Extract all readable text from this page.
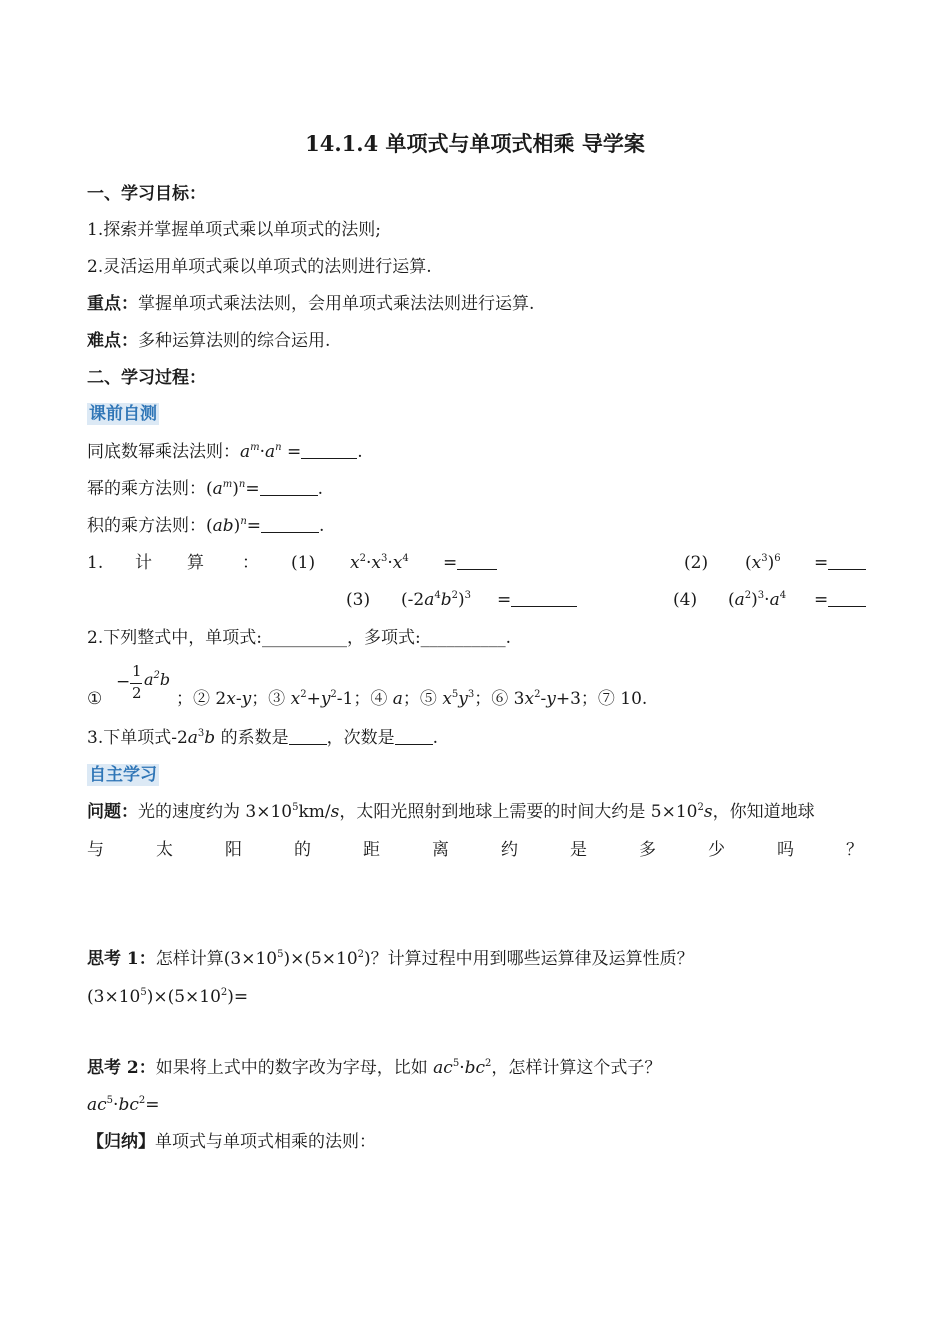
14.1.4 单项式与单项式相乘 导学案
一、学习目标：
1.探索并掌握单项式乘以单项式的法则;
2.灵活运用单项式乘以单项式的法则进行运算.
重点：掌握单项式乘法法则，会用单项式乘法法则进行运算.
难点：多种运算法则的综合运用.
二、学习过程：
课前自测
同底数幂乘法法则：$a^m\cdot a^n$ =	.
幂的乘方法则：$(a^m)^n=$	.
积的乘方法则：(ab)$^n$=	.
1. 计 算 ： (1) $x^2\cdot x^3\cdot x^4$ =	(2) $(x^3)^6$ =
(3) $(-2a^4b^2)^3$ =	(4) $(a^2)^3\cdot a^4$ =
2.下列整式中，单项式:__________，多项式:__________.
①
−
1
2
$a^2b$
；② 2x-y；③ $x^2+y^2-1$；④ a；⑤ $x^5y^3$；⑥ $3x^2-y+3$；⑦ 10.
3.下单项式$-2a^3b$ 的系数是 ，次数是 .
自主学习
问题：光的速度约为 $3\times 10^5km/s$，太阳光照射到地球上需要的时间大约是 $5\times 10^2s$，你知道地球
与	太	阳	的	距	离	约	是	多	少	吗	？
思考 1：怎样计算$(3\times 10^5)\times(5\times 10^2)$？计算过程中用到哪些运算律及运算性质？
$(3\times 10^5)\times(5\times 10^2)=$
思考 2：如果将上式中的数字改为字母，比如 $ac^5\cdot bc^2$，怎样计算这个式子？
$ac^5\cdot bc^2=$
【归纳】单项式与单项式相乘的法则：
